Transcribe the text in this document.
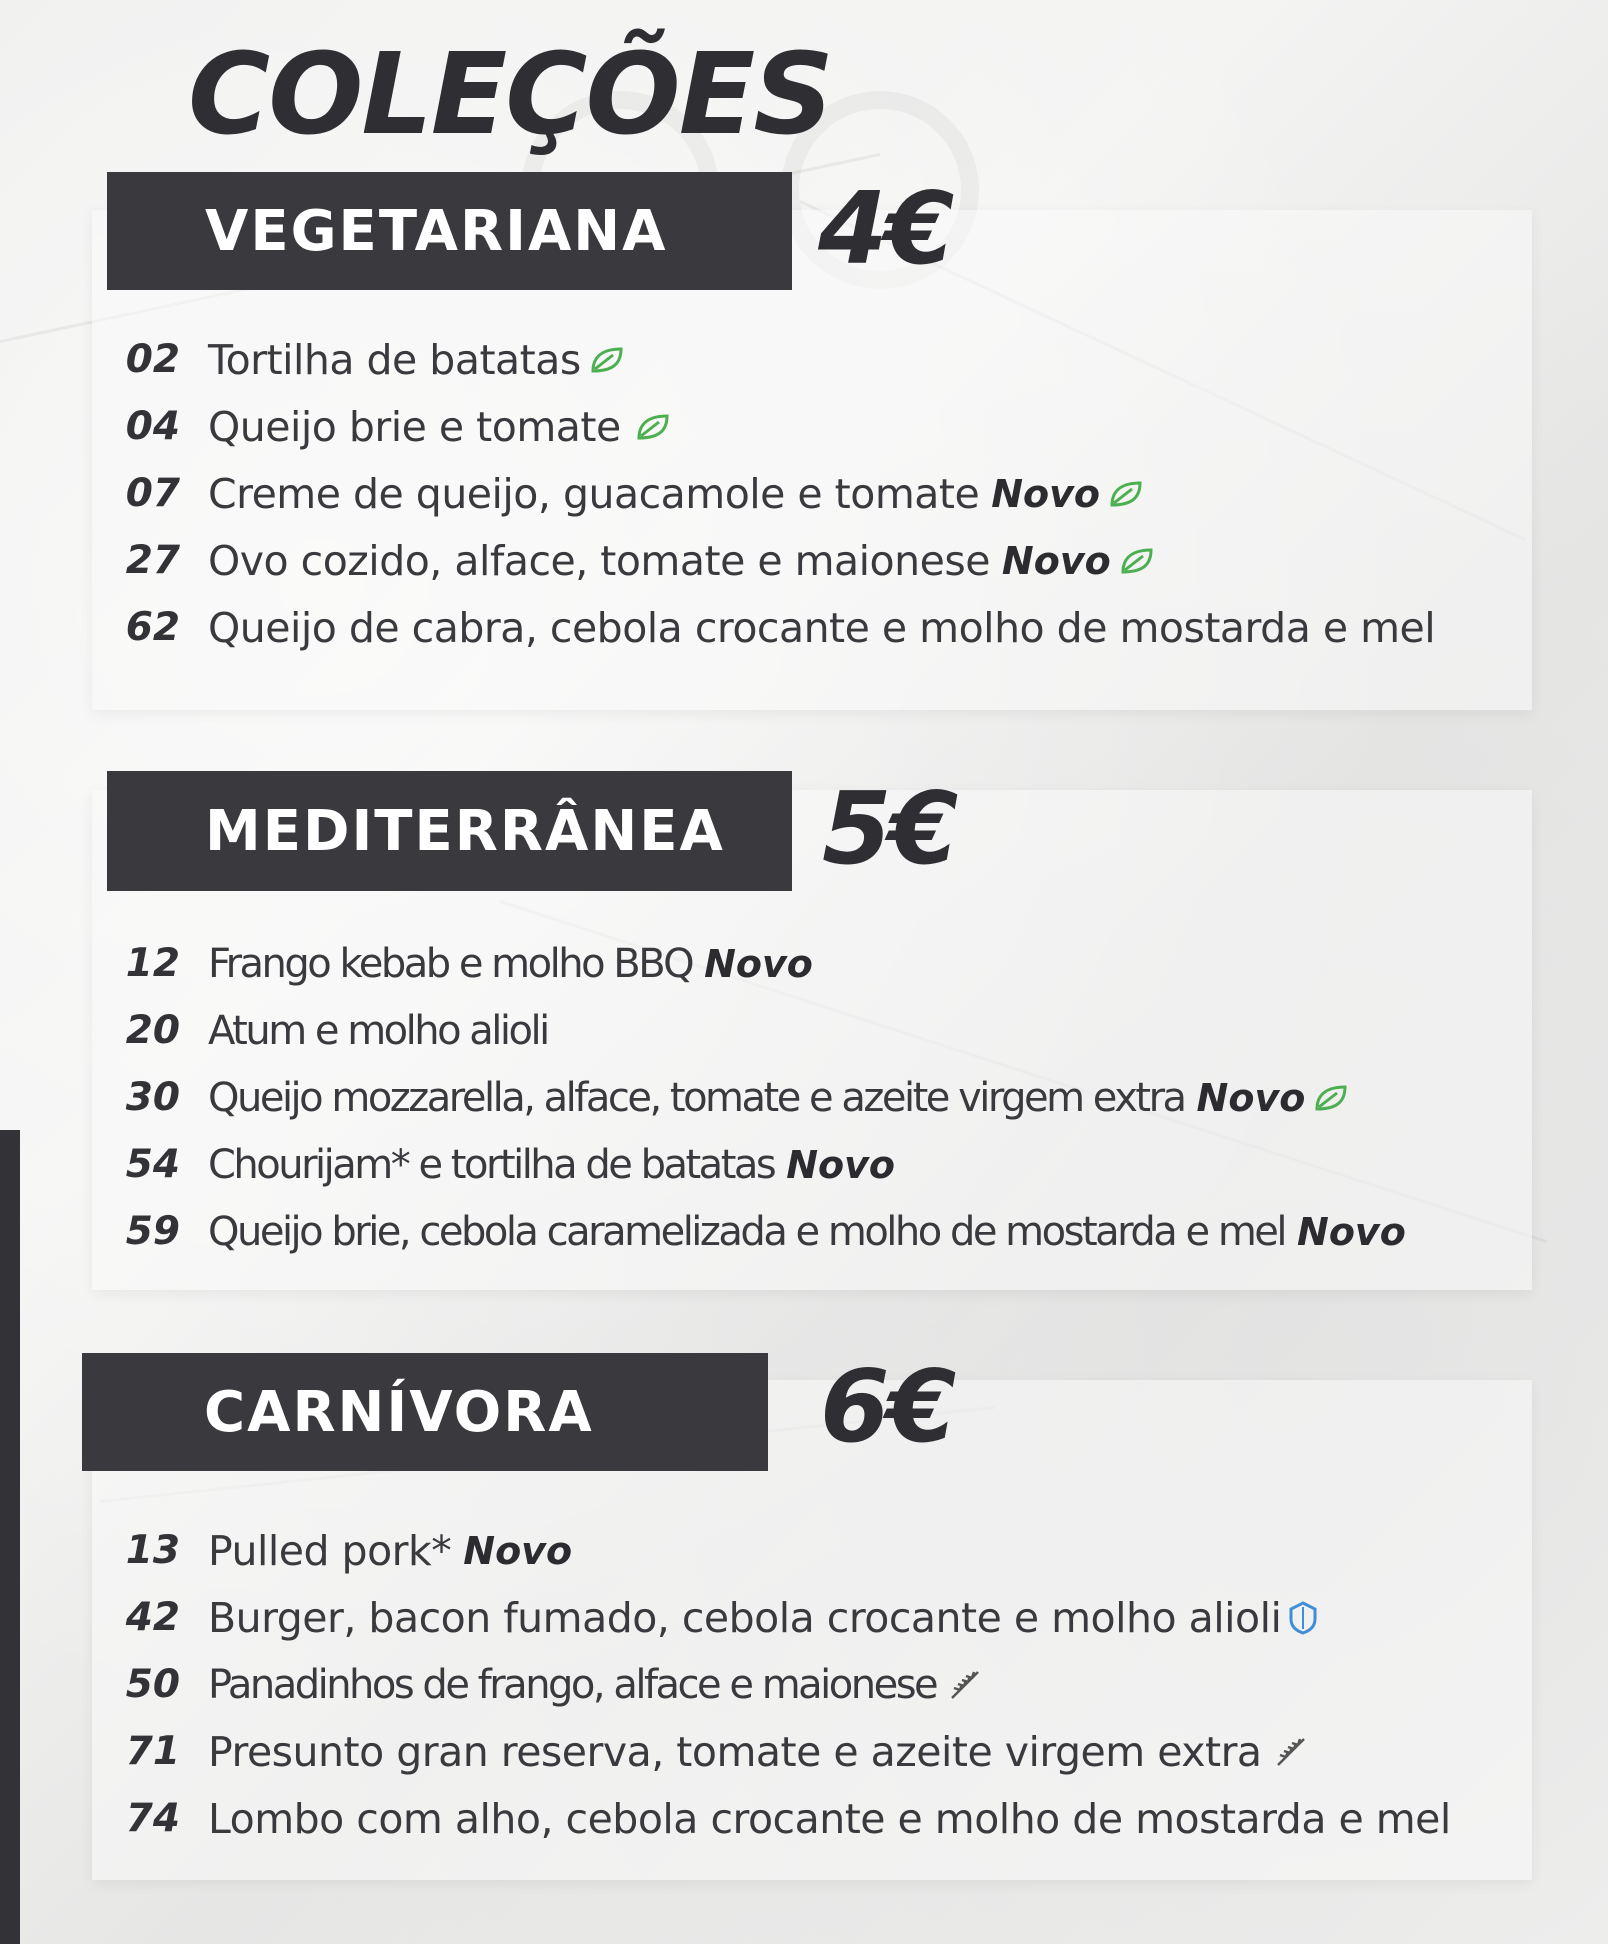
COLEÇÕES
VEGETARIANA	4€
02 Tortilha de batatas
04 Queijo brie e tomate
07 Creme de queijo, guacamole e tomate Novo
27 Ovo cozido, alface, tomate e maionese Novo
62 Queijo de cabra, cebola crocante e molho de mostarda e mel
MEDITERRÂNEA 5€
12 Frango kebab e molho BBQ Novo
20 Atum e molho alioli
30 Queijo mozzarella, alface, tomate e azeite virgem extra Novo
54 Chourijam* e tortilha de batatas Novo
59 Queijo brie, cebola caramelizada e molho de mostarda e mel Novo
CARNÍVORA	6€
13 Pulled pork* Novo
42 Burger, bacon fumado, cebola crocante e molho alioli
50 Panadinhos de frango, alface e maionese
71 Presunto gran reserva, tomate e azeite virgem extra
74 Lombo com alho, cebola crocante e molho de mostarda e mel
